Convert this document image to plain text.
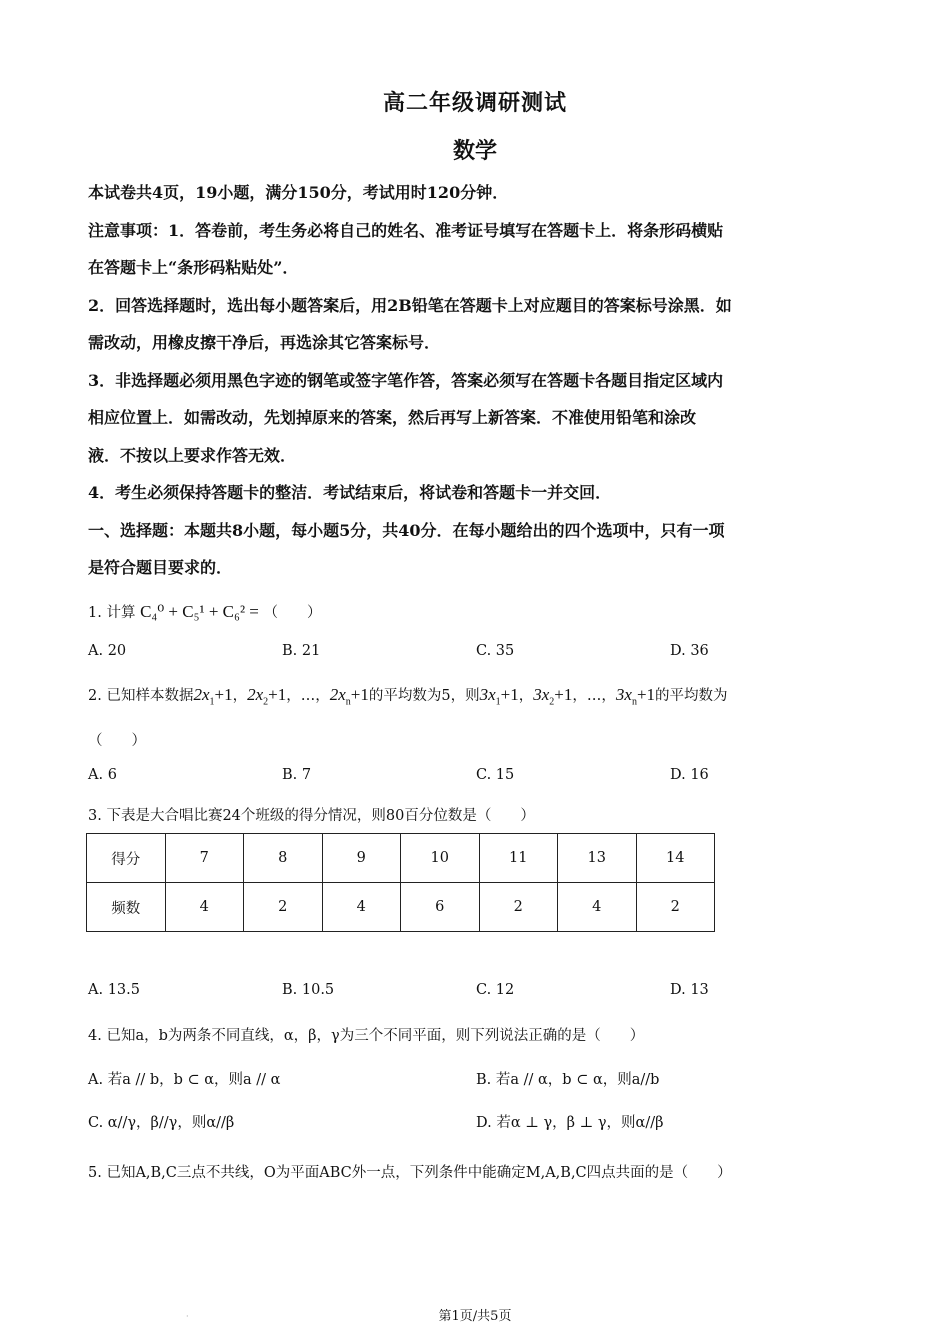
高二年级调研测试
数学
本试卷共4页，19小题，满分150分，考试用时120分钟．
注意事项：1．答卷前，考生务必将自己的姓名、准考证号填写在答题卡上．将条形码横贴
在答题卡上“条形码粘贴处”．
2．回答选择题时，选出每小题答案后，用2B铅笔在答题卡上对应题目的答案标号涂黑．如
需改动，用橡皮擦干净后，再选涂其它答案标号．
3．非选择题必须用黑色字迹的钢笔或签字笔作答，答案必须写在答题卡各题目指定区域内
相应位置上．如需改动，先划掉原来的答案，然后再写上新答案．不准使用铅笔和涂改
液．不按以上要求作答无效．
4．考生必须保持答题卡的整洁．考试结束后，将试卷和答题卡一并交回．
一、选择题：本题共8小题，每小题5分，共40分．在每小题给出的四个选项中，只有一项
是符合题目要求的．
1. 计算 C₄⁰ + C₅¹ + C₆² = （　　）
A. 20	B. 21	C. 35	D. 36
2. 已知样本数据$2x_1+1$，$2x_2+1$，…，$2x_n+1$的平均数为5，则$3x_1+1$，$3x_2+1$，…，$3x_n+1$的平均数为
（　　）
A. 6	B. 7	C. 15	D. 16
3. 下表是大合唱比赛24个班级的得分情况，则80百分位数是（　　）
得分	7	8	9	10	11	13	14
频数	4	2	4	6	2	4	2
A. 13.5	B. 10.5	C. 12	D. 13
4. 已知a，b为两条不同直线，α，β，γ为三个不同平面，则下列说法正确的是（　　）
A. 若a // b，b ⊂ α，则a // α	B. 若a // α，b ⊂ α，则a//b
C. α//γ，β//γ，则α//β	D. 若α ⊥ γ，β ⊥ γ，则α//β
5. 已知A,B,C三点不共线，O为平面ABC外一点，下列条件中能确定M,A,B,C四点共面的是（　　）
·	第1页/共5页
